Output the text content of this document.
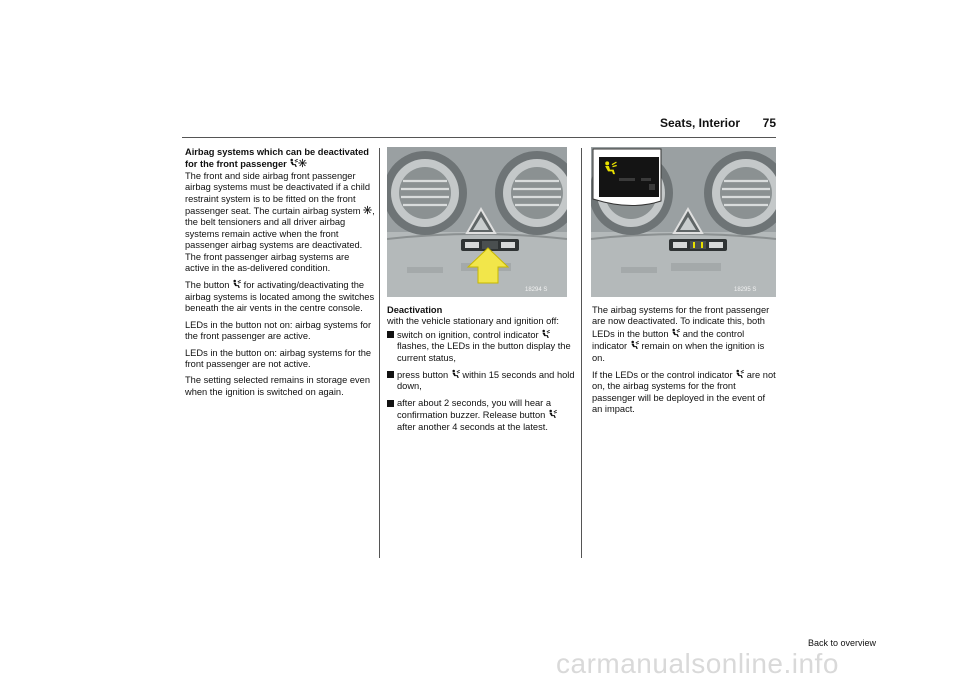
Seats, Interior 75
Airbag systems which can be deactivated
for the front passenger

The front and side airbag front passenger airbag systems must be deactivated if a child restraint system is to be fitted on the front passenger seat. The curtain airbag system , the belt tensioners and all driver airbag systems remain active when the front passenger airbag systems are deactivated. The front passenger airbag systems are active in the as-delivered condition.

The button for activating/deactivating the airbag systems is located among the switches beneath the air vents in the centre console.

LEDs in the button not on: airbag systems for the front passenger are active.

LEDs in the button on: airbag systems for the front passenger are not active.

The setting selected remains in storage even when the ignition is switched on again.

18294 S
Deactivation

with the vehicle stationary and ignition off:

switch on ignition, control indicator  flashes, the LEDs in the button display the current status,
press button within 15 seconds and hold down,
after about 2 seconds, you will hear a confirmation buzzer. Release button  after another 4 seconds at the latest.
18295 S

The airbag systems for the front passenger are now deactivated. To indicate this, both LEDs in the button and the control indicator remain on when the ignition is on.

If the LEDs or the control indicator are not on, the airbag systems for the front passenger will be deployed in the event of an impact.

Back to overview
carmanualsonline.info
